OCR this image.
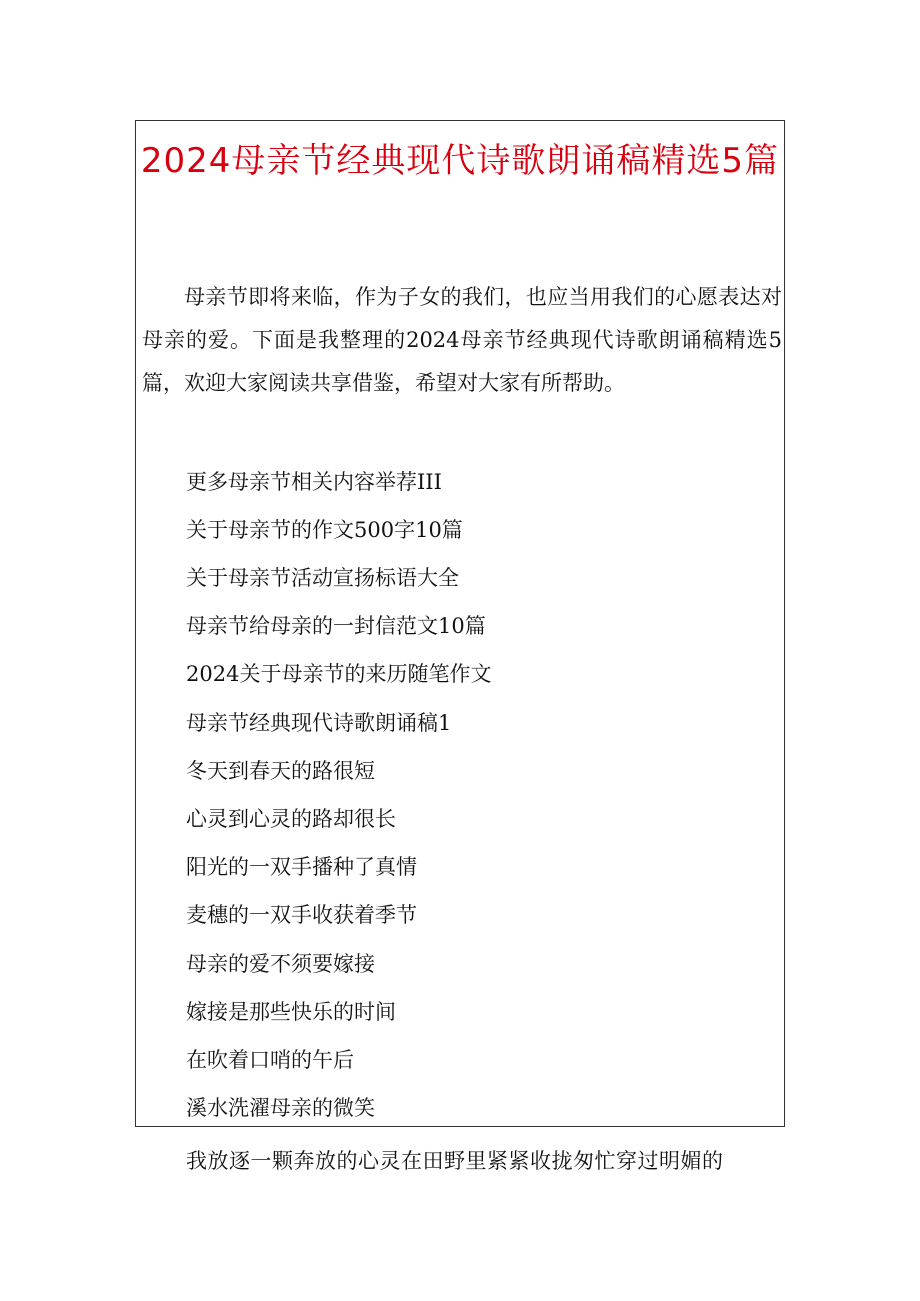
2024母亲节经典现代诗歌朗诵稿精选5篇

母亲节即将来临，作为子女的我们，也应当用我们的心愿表达对母亲的爱。下面是我整理的2024母亲节经典现代诗歌朗诵稿精选5篇，欢迎大家阅读共享借鉴，希望对大家有所帮助。

更多母亲节相关内容举荐III
关于母亲节的作文500字10篇
关于母亲节活动宣扬标语大全
母亲节给母亲的一封信范文10篇
2024关于母亲节的来历随笔作文
母亲节经典现代诗歌朗诵稿1
冬天到春天的路很短
心灵到心灵的路却很长
阳光的一双手播种了真情
麦穗的一双手收获着季节
母亲的爱不须要嫁接
嫁接是那些快乐的时间
在吹着口哨的午后
溪水洗濯母亲的微笑
我放逐一颗奔放的心灵在田野里紧紧收拢匆忙穿过明媚的
